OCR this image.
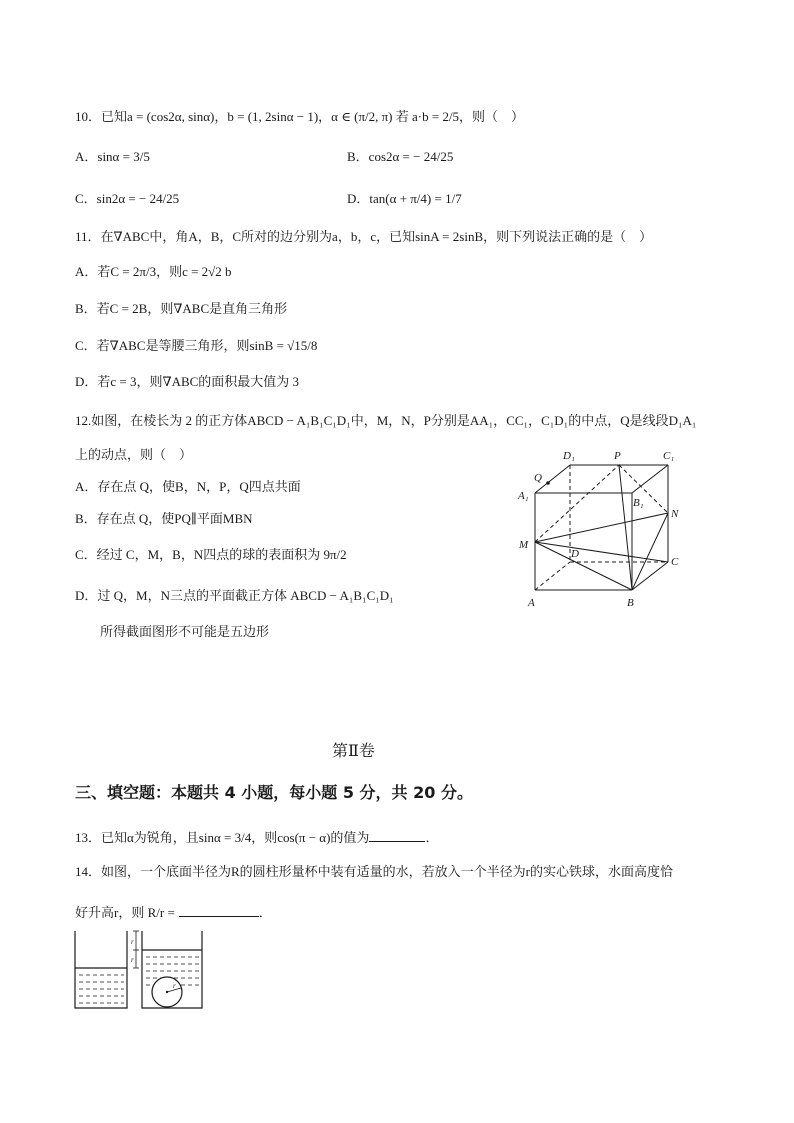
10．已知a = (cos2α, sinα)，b = (1, 2sinα − 1)，α ∈ (π/2, π) 若 a·b = 2/5，则（　）
A．sinα = 3/5	B．cos2α = − 24/25
C．sin2α = − 24/25	D．tan(α + π/4) = 1/7
11．在∇ABC中，角A，B，C所对的边分别为a，b，c，已知sinA = 2sinB，则下列说法正确的是（　）
A．若C = 2π/3，则c = 2√2 b
B．若C = 2B，则∇ABC是直角三角形
C．若∇ABC是等腰三角形，则sinB = √15/8
D．若c = 3，则∇ABC的面积最大值为 3
12.如图，在棱长为 2 的正方体ABCD − A₁B₁C₁D₁中，M，N，P分别是AA₁，CC₁，C₁D₁的中点，Q是线段D₁A₁
上的动点，则（　）
A．存在点 Q，使B，N，P，Q四点共面
B．存在点 Q，使PQ∥平面MBN
C．经过 C，M，B，N四点的球的表面积为 9π/2
D．过 Q，M，N三点的平面截正方体 ABCD − A₁B₁C₁D₁
所得截面图形不可能是五边形
D₁	P	C₁
Q
A₁
B₁
N
M
D
C
A	B
第Ⅱ卷
三、填空题：本题共 4 小题，每小题 5 分，共 20 分。
13．已知α为锐角，且sinα = 3/4，则cos(π − α)的值为	．
14．如图，一个底面半径为R的圆柱形量杯中装有适量的水，若放入一个半径为r的实心铁球，水面高度恰
好升高r，则 R/r =	．
r
r
r
